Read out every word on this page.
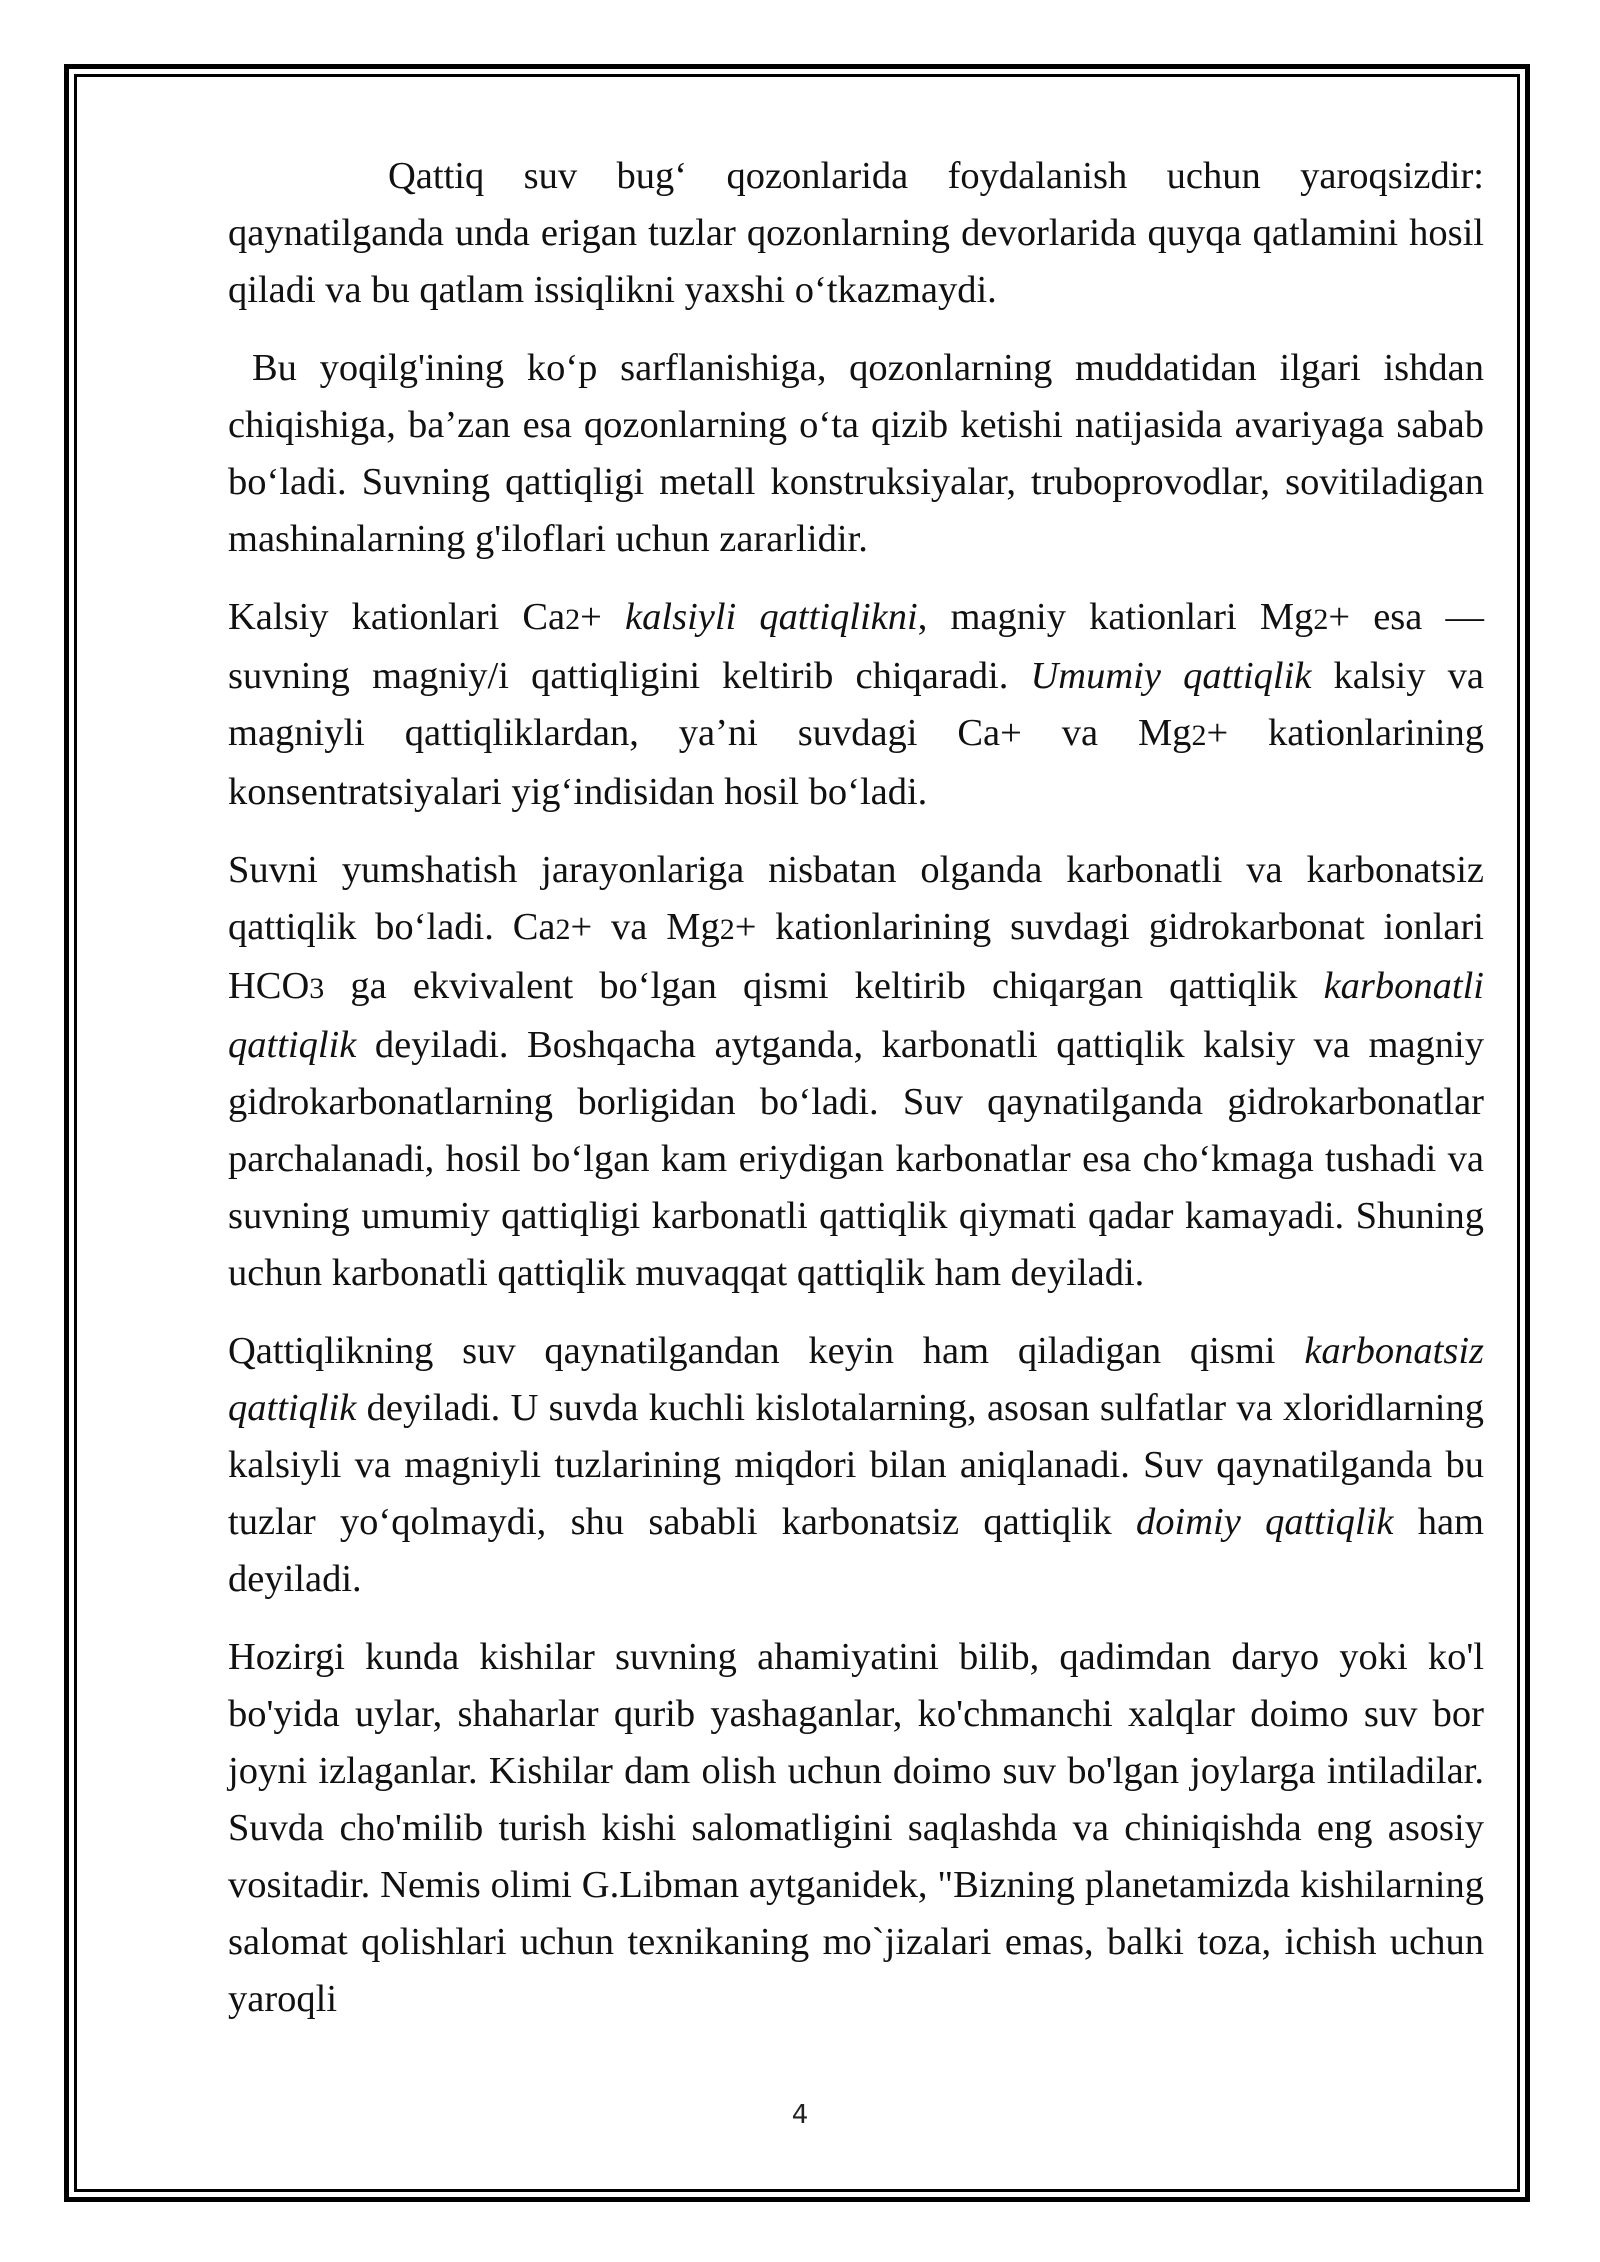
Qattiq suv bug‘ qozonlarida foydalanish uchun yaroqsizdir: qaynatilganda unda erigan tuzlar qozonlarning devorlarida quyqa qatlamini hosil qiladi va bu qatlam issiqlikni yaxshi o‘tkazmaydi.

Bu yoqilg'ining ko‘p sarflanishiga, qozonlarning muddatidan ilgari ishdan chiqishiga, ba’zan esa qozonlarning o‘ta qizib ketishi natijasida avariyaga sabab bo‘ladi. Suvning qattiqligi metall konstruksiyalar, truboprovodlar, sovitiladigan mashinalarning g'iloflari uchun zararlidir.

Kalsiy kationlari Ca2+ kalsiyli qattiqlikni, magniy kationlari Mg2+ esa — suvning magniy/i qattiqligini keltirib chiqaradi. Umumiy qattiqlik kalsiy va magniyli qattiqliklardan, ya’ni suvdagi Ca+ va Mg2+ kationlarining konsentratsiyalari yig‘indisidan hosil bo‘ladi.

Suvni yumshatish jarayonlariga nisbatan olganda karbonatli va karbonatsiz qattiqlik bo‘ladi. Ca2+ va Mg2+ kationlarining suvdagi gidrokarbonat ionlari HCO3 ga ekvivalent bo‘lgan qismi keltirib chiqargan qattiqlik karbonatli qattiqlik deyiladi. Boshqacha aytganda, karbonatli qattiqlik kalsiy va magniy gidrokarbonatlarning borligidan bo‘ladi. Suv qaynatilganda gidrokarbonatlar parchalanadi, hosil bo‘lgan kam eriydigan karbonatlar esa cho‘kmaga tushadi va suvning umumiy qattiqligi karbonatli qattiqlik qiymati qadar kamayadi. Shuning uchun karbonatli qattiqlik muvaqqat qattiqlik ham deyiladi.

Qattiqlikning suv qaynatilgandan keyin ham qiladigan qismi karbonatsiz qattiqlik deyiladi. U suvda kuchli kislotalarning, asosan sulfatlar va xloridlarning kalsiyli va magniyli tuzlarining miqdori bilan aniqlanadi. Suv qaynatilganda bu tuzlar yo‘qolmaydi, shu sababli karbonatsiz qattiqlik doimiy qattiqlik ham deyiladi.

Hozirgi kunda kishilar suvning ahamiyatini bilib, qadimdan daryo yoki ko'l bo'yida uylar, shaharlar qurib yashaganlar, ko'chmanchi xalqlar doimo suv bor joyni izlaganlar. Kishilar dam olish uchun doimo suv bo'lgan joylarga intiladilar. Suvda cho'milib turish kishi salomatligini saqlashda va chiniqishda eng asosiy vositadir. Nemis olimi G.Libman aytganidek, "Bizning planetamizda kishilarning salomat qolishlari uchun texnikaning mo`jizalari emas, balki toza, ichish uchun yaroqli

4
